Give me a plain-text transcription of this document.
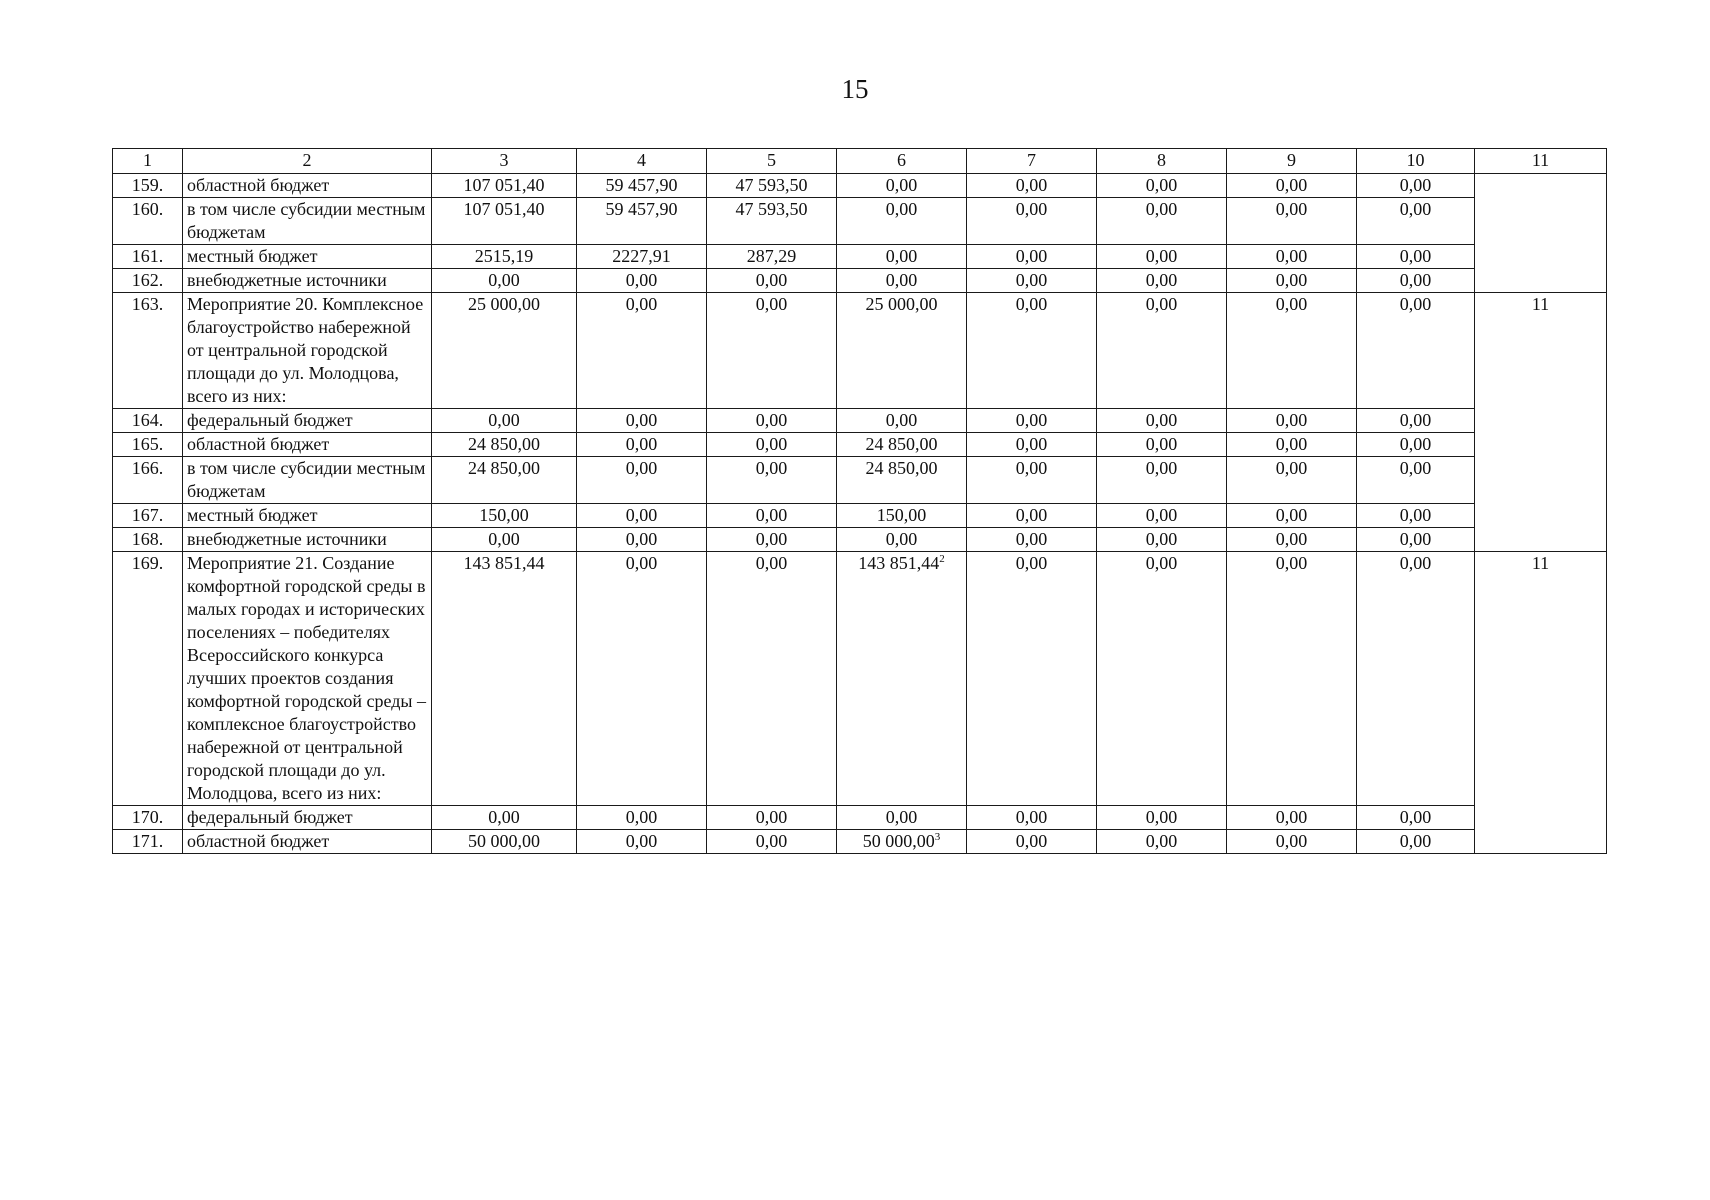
15
1	2	3	4	5	6	7	8	9	10	11
159.	областной бюджет	107 051,40	59 457,90	47 593,50	0,00	0,00	0,00	0,00	0,00	
160.	в том числе субсидии местным бюджетам	107 051,40	59 457,90	47 593,50	0,00	0,00	0,00	0,00	0,00	
161.	местный бюджет	2515,19	2227,91	287,29	0,00	0,00	0,00	0,00	0,00	
162.	внебюджетные источники	0,00	0,00	0,00	0,00	0,00	0,00	0,00	0,00	
163.	Мероприятие 20. Комплексное благоустройство набережной от центральной городской площади до ул. Молодцова, всего из них:	25 000,00	0,00	0,00	25 000,00	0,00	0,00	0,00	0,00	11
164.	федеральный бюджет	0,00	0,00	0,00	0,00	0,00	0,00	0,00	0,00	
165.	областной бюджет	24 850,00	0,00	0,00	24 850,00	0,00	0,00	0,00	0,00	
166.	в том числе субсидии местным бюджетам	24 850,00	0,00	0,00	24 850,00	0,00	0,00	0,00	0,00	
167.	местный бюджет	150,00	0,00	0,00	150,00	0,00	0,00	0,00	0,00	
168.	внебюджетные источники	0,00	0,00	0,00	0,00	0,00	0,00	0,00	0,00	
169.	Мероприятие 21. Создание комфортной городской среды в малых городах и исторических поселениях – победителях Всероссийского конкурса лучших проектов создания комфортной городской среды – комплексное благоустройство набережной от центральной городской площади до ул. Молодцова, всего из них:	143 851,44	0,00	0,00	143 851,44$^2$	0,00	0,00	0,00	0,00	11
170.	федеральный бюджет	0,00	0,00	0,00	0,00	0,00	0,00	0,00	0,00	
171.	областной бюджет	50 000,00	0,00	0,00	50 000,00$^3$	0,00	0,00	0,00	0,00	
